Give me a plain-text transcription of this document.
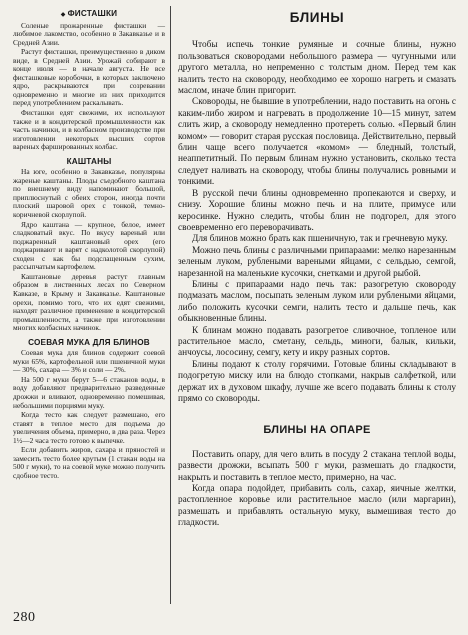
◆ ФИСТАШКИ

Соленые прожаренные фисташки — любимое лакомство, особенно в Закавказье и в Средней Азии.

Растут фисташки, преимущественно в диком виде, в Средней Азии. Урожай собирают в конце июля — в начале августа. Не все фисташковые коробочки, в которых заключено ядро, раскрываются при созревании одновременно и многие из них приходится перед употреблением раскалывать.

Фисташки едят свежими, их используют также и в кондитерской промышленности как часть начинки, и в колбасном производстве при изготовлении некоторых высших сортов вареных фаршированных колбас.

КАШТАНЫ

На юге, особенно в Закавказье, популярны жареные каштаны. Плоды съедобного каштана по внешнему виду напоминают большой, приплюснутый с обеих сторон, иногда почти плоский шаровой орех с тонкой, темно-коричневой скорлупой.

Ядро каштана — крупное, белое, имеет сладковатый вкус. По вкусу вареный или поджаренный каштановый орех (его поджаривают и варят с надколотой скорлупой) сходен с как бы подслащенным сухим, рассыпчатым картофелем.

Каштановые деревья растут главным образом в лиственных лесах по Северном Кавказе, в Крыму и Закавказье. Каштановые орехи, помимо того, что их едят свежими, находят различное применение в кондитерской промышленности, а также при изготовлении многих колбасных начинок.

СОЕВАЯ МУКА ДЛЯ БЛИНОВ

Соевая мука для блинов содержит соевой муки 65%, картофельной или пшеничной муки — 30%, сахара — 3% и соли — 2%.

На 500 г муки берут 5—6 стаканов воды, в воду добавляют предварительно разведенные дрожжи и вливают, одновременно помешивая, небольшими порциями муку.

Когда тесто как следует размешано, его ставят в теплое место для подъема до увеличения объема, примерно, в два раза. Через 1½—2 часа тесто готово к выпечке.

Если добавить жиров, сахара и пряностей и замесить тесто более крутым (1 стакан воды на 500 г муки), то на соевой муке можно получить сдобное тесто.

БЛИНЫ

Чтобы испечь тонкие румяные и сочные блины, нужно пользоваться сковородами небольшого размера — чугунными или другого металла, но непременно с толстым дном. Перед тем как налить тесто на сковороду, необходимо ее хорошо нагреть и смазать маслом, иначе блин пригорит.

Сковороды, не бывшие в употреблении, надо поставить на огонь с каким-либо жиром и нагревать в продолжение 10—15 минут, затем слить жир, а сковороду немедленно протереть солью. «Первый блин комом» — говорит старая русская пословица. Действительно, первый блин чаще всего получается «комом» — бледный, толстый, неаппетитный. По первым блинам нужно установить, сколько теста следует наливать на сковороду, чтобы блины получались ровными и тонкими.

В русской печи блины одновременно пропекаются и сверху, и снизу. Хорошие блины можно печь и на плите, примусе или керосинке. Нужно следить, чтобы блин не подгорел, для этого своевременно его переворачивать.

Для блинов можно брать как пшеничную, так и гречневую муку.

Можно печь блины с различными припараами: мелко нарезанным зеленым луком, рублеными вареными яйцами, с сельдью, семгой, нарезанной на маленькие кусочки, снетками и другой рыбой.

Блины с припараами надо печь так: разогретую сковороду подмазать маслом, посыпать зеленым луком или рублеными яйцами, либо положить кусочки семги, налить тесто и дальше печь, как обыкновенные блины.

К блинам можно подавать разогретое сливочное, топленое или растительное масло, сметану, сельдь, миноги, балык, кильки, анчоусы, лососину, семгу, кету и икру разных сортов.

Блины подают к столу горячими. Готовые блины складывают в подогретую миску или на блюдо стопками, накрыв салфеткой, или держат их в духовом шкафу, лучше же всего подавать блины к столу прямо со сковороды.

БЛИНЫ НА ОПАРЕ

Поставить опару, для чего влить в посуду 2 стакана теплой воды, развести дрожжи, всыпать 500 г муки, размешать до гладкости, накрыть и поставить в теплое место, примерно, на час.

Когда опара подойдет, прибавить соль, сахар, яичные желтки, растопленное коровье или растительное масло (или маргарин), размешать и прибавлять остальную муку, вымешивая тесто до гладкости.

280
